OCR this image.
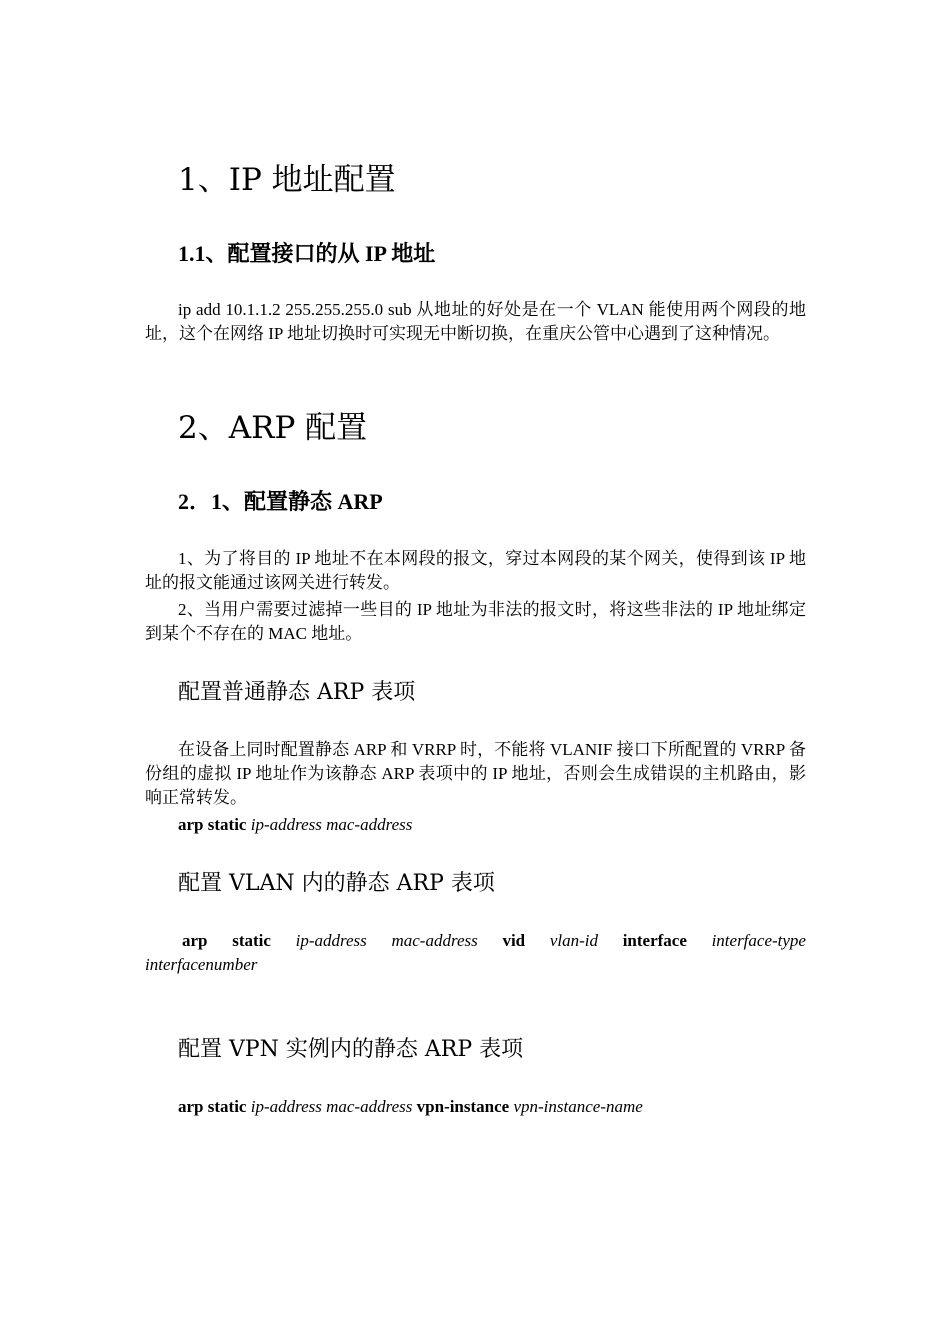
1、IP 地址配置
1.1、配置接口的从 IP 地址

ip add 10.1.1.2 255.255.255.0 sub 从地址的好处是在一个 VLAN 能使用两个网段的地址，这个在网络 IP 地址切换时可实现无中断切换，在重庆公管中心遇到了这种情况。

2、ARP 配置
2．1、配置静态 ARP

1、为了将目的 IP 地址不在本网段的报文，穿过本网段的某个网关，使得到该 IP 地址的报文能通过该网关进行转发。

2、当用户需要过滤掉一些目的 IP 地址为非法的报文时，将这些非法的 IP 地址绑定到某个不存在的 MAC 地址。

配置普通静态 ARP 表项

在设备上同时配置静态 ARP 和 VRRP 时，不能将 VLANIF 接口下所配置的 VRRP 备份组的虚拟 IP 地址作为该静态 ARP 表项中的 IP 地址，否则会生成错误的主机路由，影响正常转发。

arp static ip-address mac-address

配置 VLAN 内的静态 ARP 表项
arp static ip-address mac-address vid vlan-id interface interface-type
interfacenumber
配置 VPN 实例内的静态 ARP 表项

arp static ip-address mac-address vpn-instance vpn-instance-name
